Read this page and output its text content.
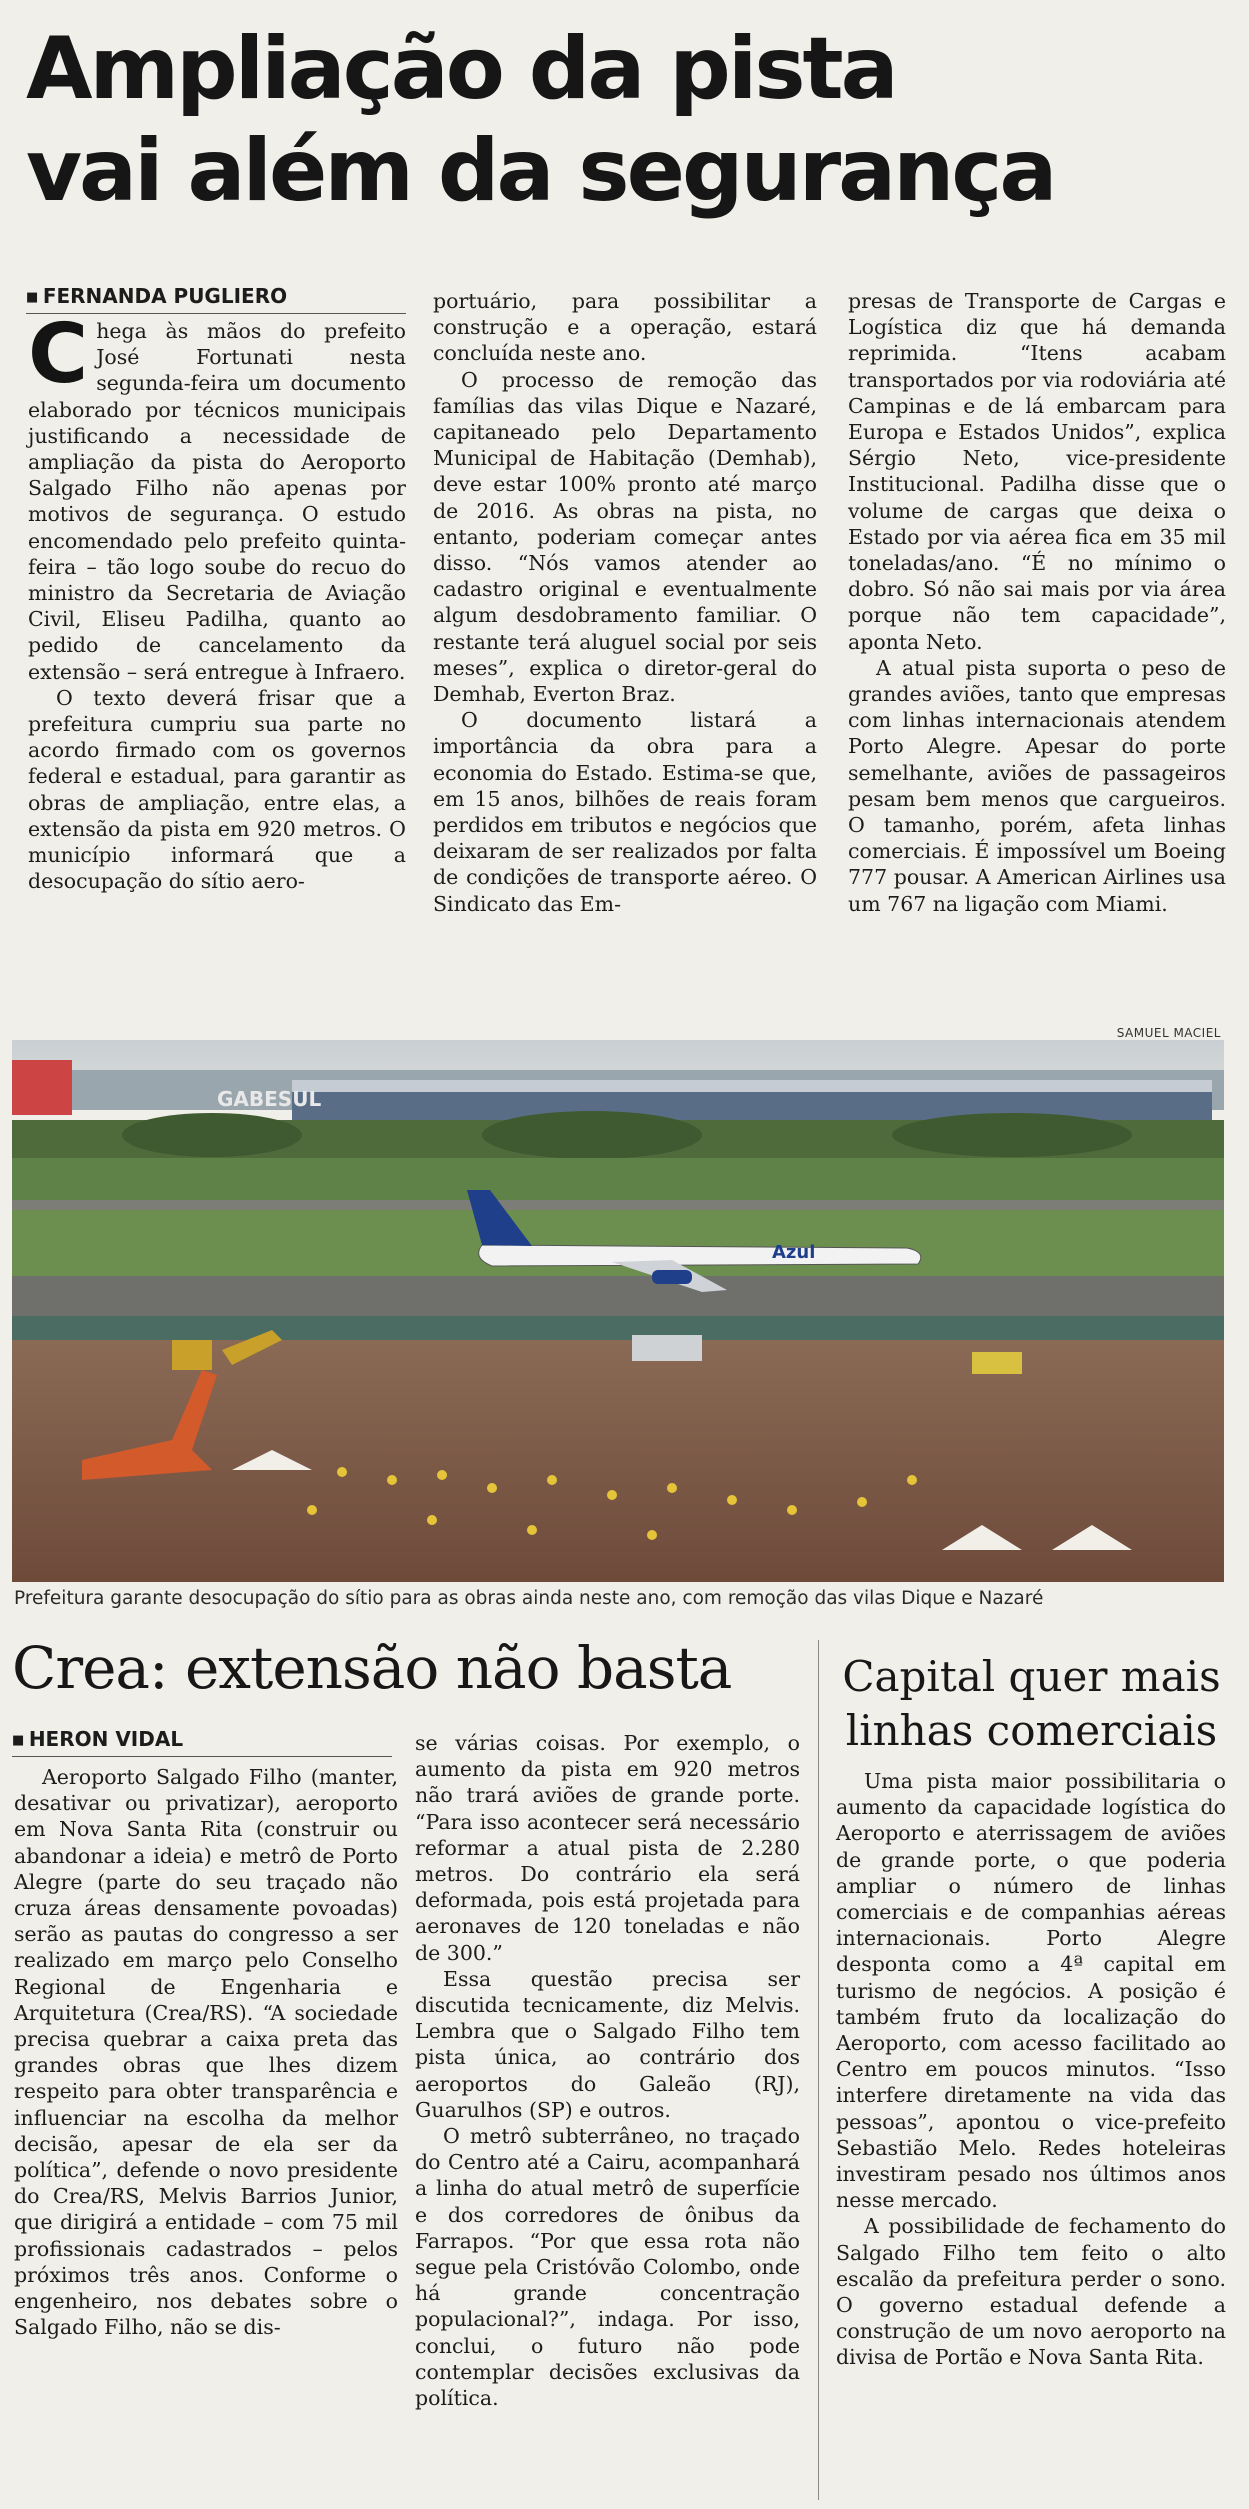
Ampliação da pista
vai além da segurança
■ FERNANDA PUGLIERO

Chega às mãos do prefeito José Fortunati nesta segunda-feira um documento elaborado por técnicos municipais justificando a necessidade de ampliação da pista do Aeroporto Salgado Filho não apenas por motivos de segurança. O estudo encomendado pelo prefeito quinta-feira – tão logo soube do recuo do ministro da Secretaria de Aviação Civil, Eliseu Padilha, quanto ao pedido de cancelamento da extensão – será entregue à Infraero.

O texto deverá frisar que a prefeitura cumpriu sua parte no acordo firmado com os governos federal e estadual, para garantir as obras de ampliação, entre elas, a extensão da pista em 920 metros. O município informará que a desocupação do sítio aero-

portuário, para possibilitar a construção e a operação, estará concluída neste ano.

O processo de remoção das famílias das vilas Dique e Nazaré, capitaneado pelo Departamento Municipal de Habitação (Demhab), deve estar 100% pronto até março de 2016. As obras na pista, no entanto, poderiam começar antes disso. “Nós vamos atender ao cadastro original e eventualmente algum desdobramento familiar. O restante terá aluguel social por seis meses”, explica o diretor-geral do Demhab, Everton Braz.

O documento listará a importância da obra para a economia do Estado. Estima-se que, em 15 anos, bilhões de reais foram perdidos em tributos e negócios que deixaram de ser realizados por falta de condições de transporte aéreo. O Sindicato das Em-

presas de Transporte de Cargas e Logística diz que há demanda reprimida. “Itens acabam transportados por via rodoviária até Campinas e de lá embarcam para Europa e Estados Unidos”, explica Sérgio Neto, vice-presidente Institucional. Padilha disse que o volume de cargas que deixa o Estado por via aérea fica em 35 mil toneladas/ano. “É no mínimo o dobro. Só não sai mais por via área porque não tem capacidade”, aponta Neto.

A atual pista suporta o peso de grandes aviões, tanto que empresas com linhas internacionais atendem Porto Alegre. Apesar do porte semelhante, aviões de passageiros pesam bem menos que cargueiros. O tamanho, porém, afeta linhas comerciais. É impossível um Boeing 777 pousar. A American Airlines usa um 767 na ligação com Miami.

SAMUEL MACIEL
GABESUL
Azul
Prefeitura garante desocupação do sítio para as obras ainda neste ano, com remoção das vilas Dique e Nazaré
Crea: extensão não basta
■ HERON VIDAL

Aeroporto Salgado Filho (manter, desativar ou privatizar), aeroporto em Nova Santa Rita (construir ou abandonar a ideia) e metrô de Porto Alegre (parte do seu traçado não cruza áreas densamente povoadas) serão as pautas do congresso a ser realizado em março pelo Conselho Regional de Engenharia e Arquitetura (Crea/RS). “A sociedade precisa quebrar a caixa preta das grandes obras que lhes dizem respeito para obter transparência e influenciar na escolha da melhor decisão, apesar de ela ser da política”, defende o novo presidente do Crea/RS, Melvis Barrios Junior, que dirigirá a entidade – com 75 mil profissionais cadastrados – pelos próximos três anos. Conforme o engenheiro, nos debates sobre o Salgado Filho, não se dis-

se várias coisas. Por exemplo, o aumento da pista em 920 metros não trará aviões de grande porte. “Para isso acontecer será necessário reformar a atual pista de 2.280 metros. Do contrário ela será deformada, pois está projetada para aeronaves de 120 toneladas e não de 300.”

Essa questão precisa ser discutida tecnicamente, diz Melvis. Lembra que o Salgado Filho tem pista única, ao contrário dos aeroportos do Galeão (RJ), Guarulhos (SP) e outros.

O metrô subterrâneo, no traçado do Centro até a Cairu, acompanhará a linha do atual metrô de superfície e dos corredores de ônibus da Farrapos. “Por que essa rota não segue pela Cristóvão Colombo, onde há grande concentração populacional?”, indaga. Por isso, conclui, o futuro não pode contemplar decisões exclusivas da política.

Capital quer mais
linhas comerciais

Uma pista maior possibilitaria o aumento da capacidade logística do Aeroporto e aterrissagem de aviões de grande porte, o que poderia ampliar o número de linhas comerciais e de companhias aéreas internacionais. Porto Alegre desponta como a 4ª capital em turismo de negócios. A posição é também fruto da localização do Aeroporto, com acesso facilitado ao Centro em poucos minutos. “Isso interfere diretamente na vida das pessoas”, apontou o vice-prefeito Sebastião Melo. Redes hoteleiras investiram pesado nos últimos anos nesse mercado.

A possibilidade de fechamento do Salgado Filho tem feito o alto escalão da prefeitura perder o sono. O governo estadual defende a construção de um novo aeroporto na divisa de Portão e Nova Santa Rita.
